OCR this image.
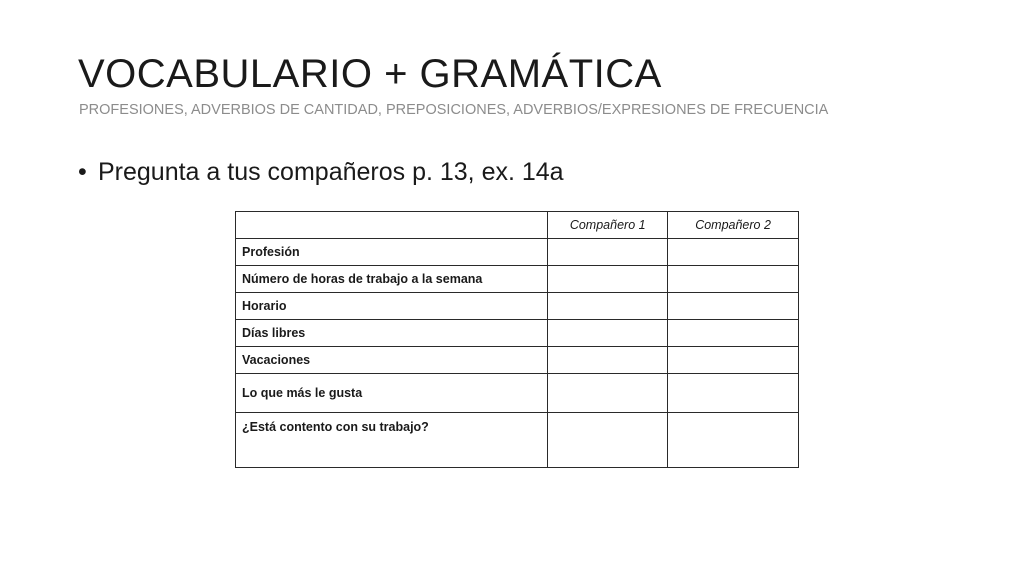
VOCABULARIO + GRAMÁTICA
PROFESIONES, ADVERBIOS DE CANTIDAD, PREPOSICIONES, ADVERBIOS/EXPRESIONES DE FRECUENCIA
• Pregunta a tus compañeros p. 13, ex. 14a
	Compañero 1	Compañero 2
Profesión		
Número de horas de trabajo a la semana		
Horario		
Días libres		
Vacaciones		
Lo que más le gusta		
¿Está contento con su trabajo?		
